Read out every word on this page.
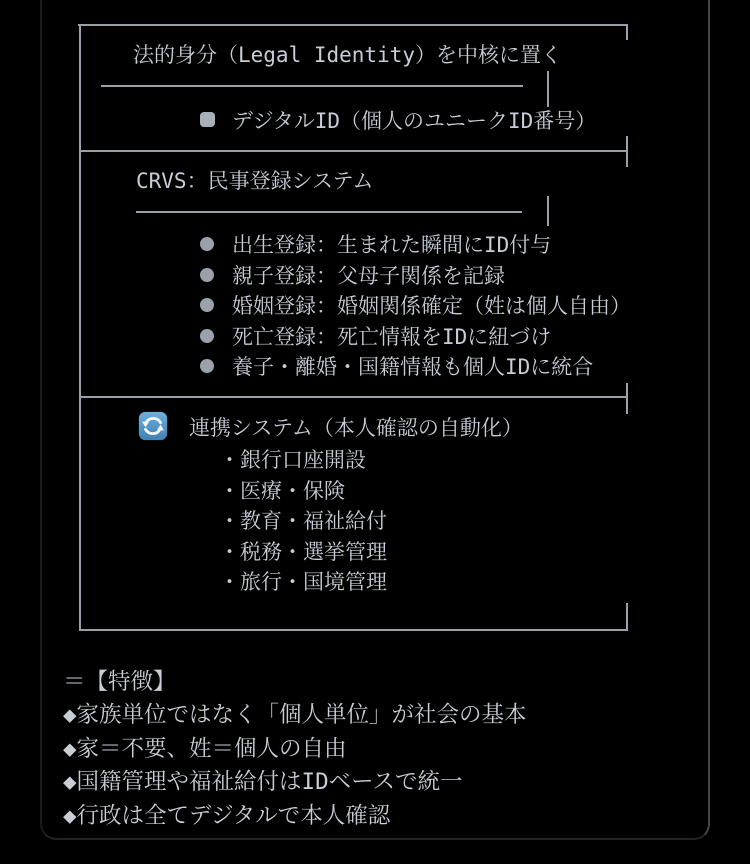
法的身分（Legal Identity）を中核に置く
デジタルID（個人のユニークID番号）
CRVS：民事登録システム
出生登録：生まれた瞬間にID付与
親子登録：父母子関係を記録
婚姻登録：婚姻関係確定（姓は個人自由）
死亡登録：死亡情報をIDに紐づけ
養子・離婚・国籍情報も個人IDに統合
連携システム（本人確認の自動化）
・銀行口座開設
・医療・保険
・教育・福祉給付
・税務・選挙管理
・旅行・国境管理
＝【特徴】
◆家族単位ではなく「個人単位」が社会の基本
◆家＝不要、姓＝個人の自由
◆国籍管理や福祉給付はIDベースで統一
◆行政は全てデジタルで本人確認
